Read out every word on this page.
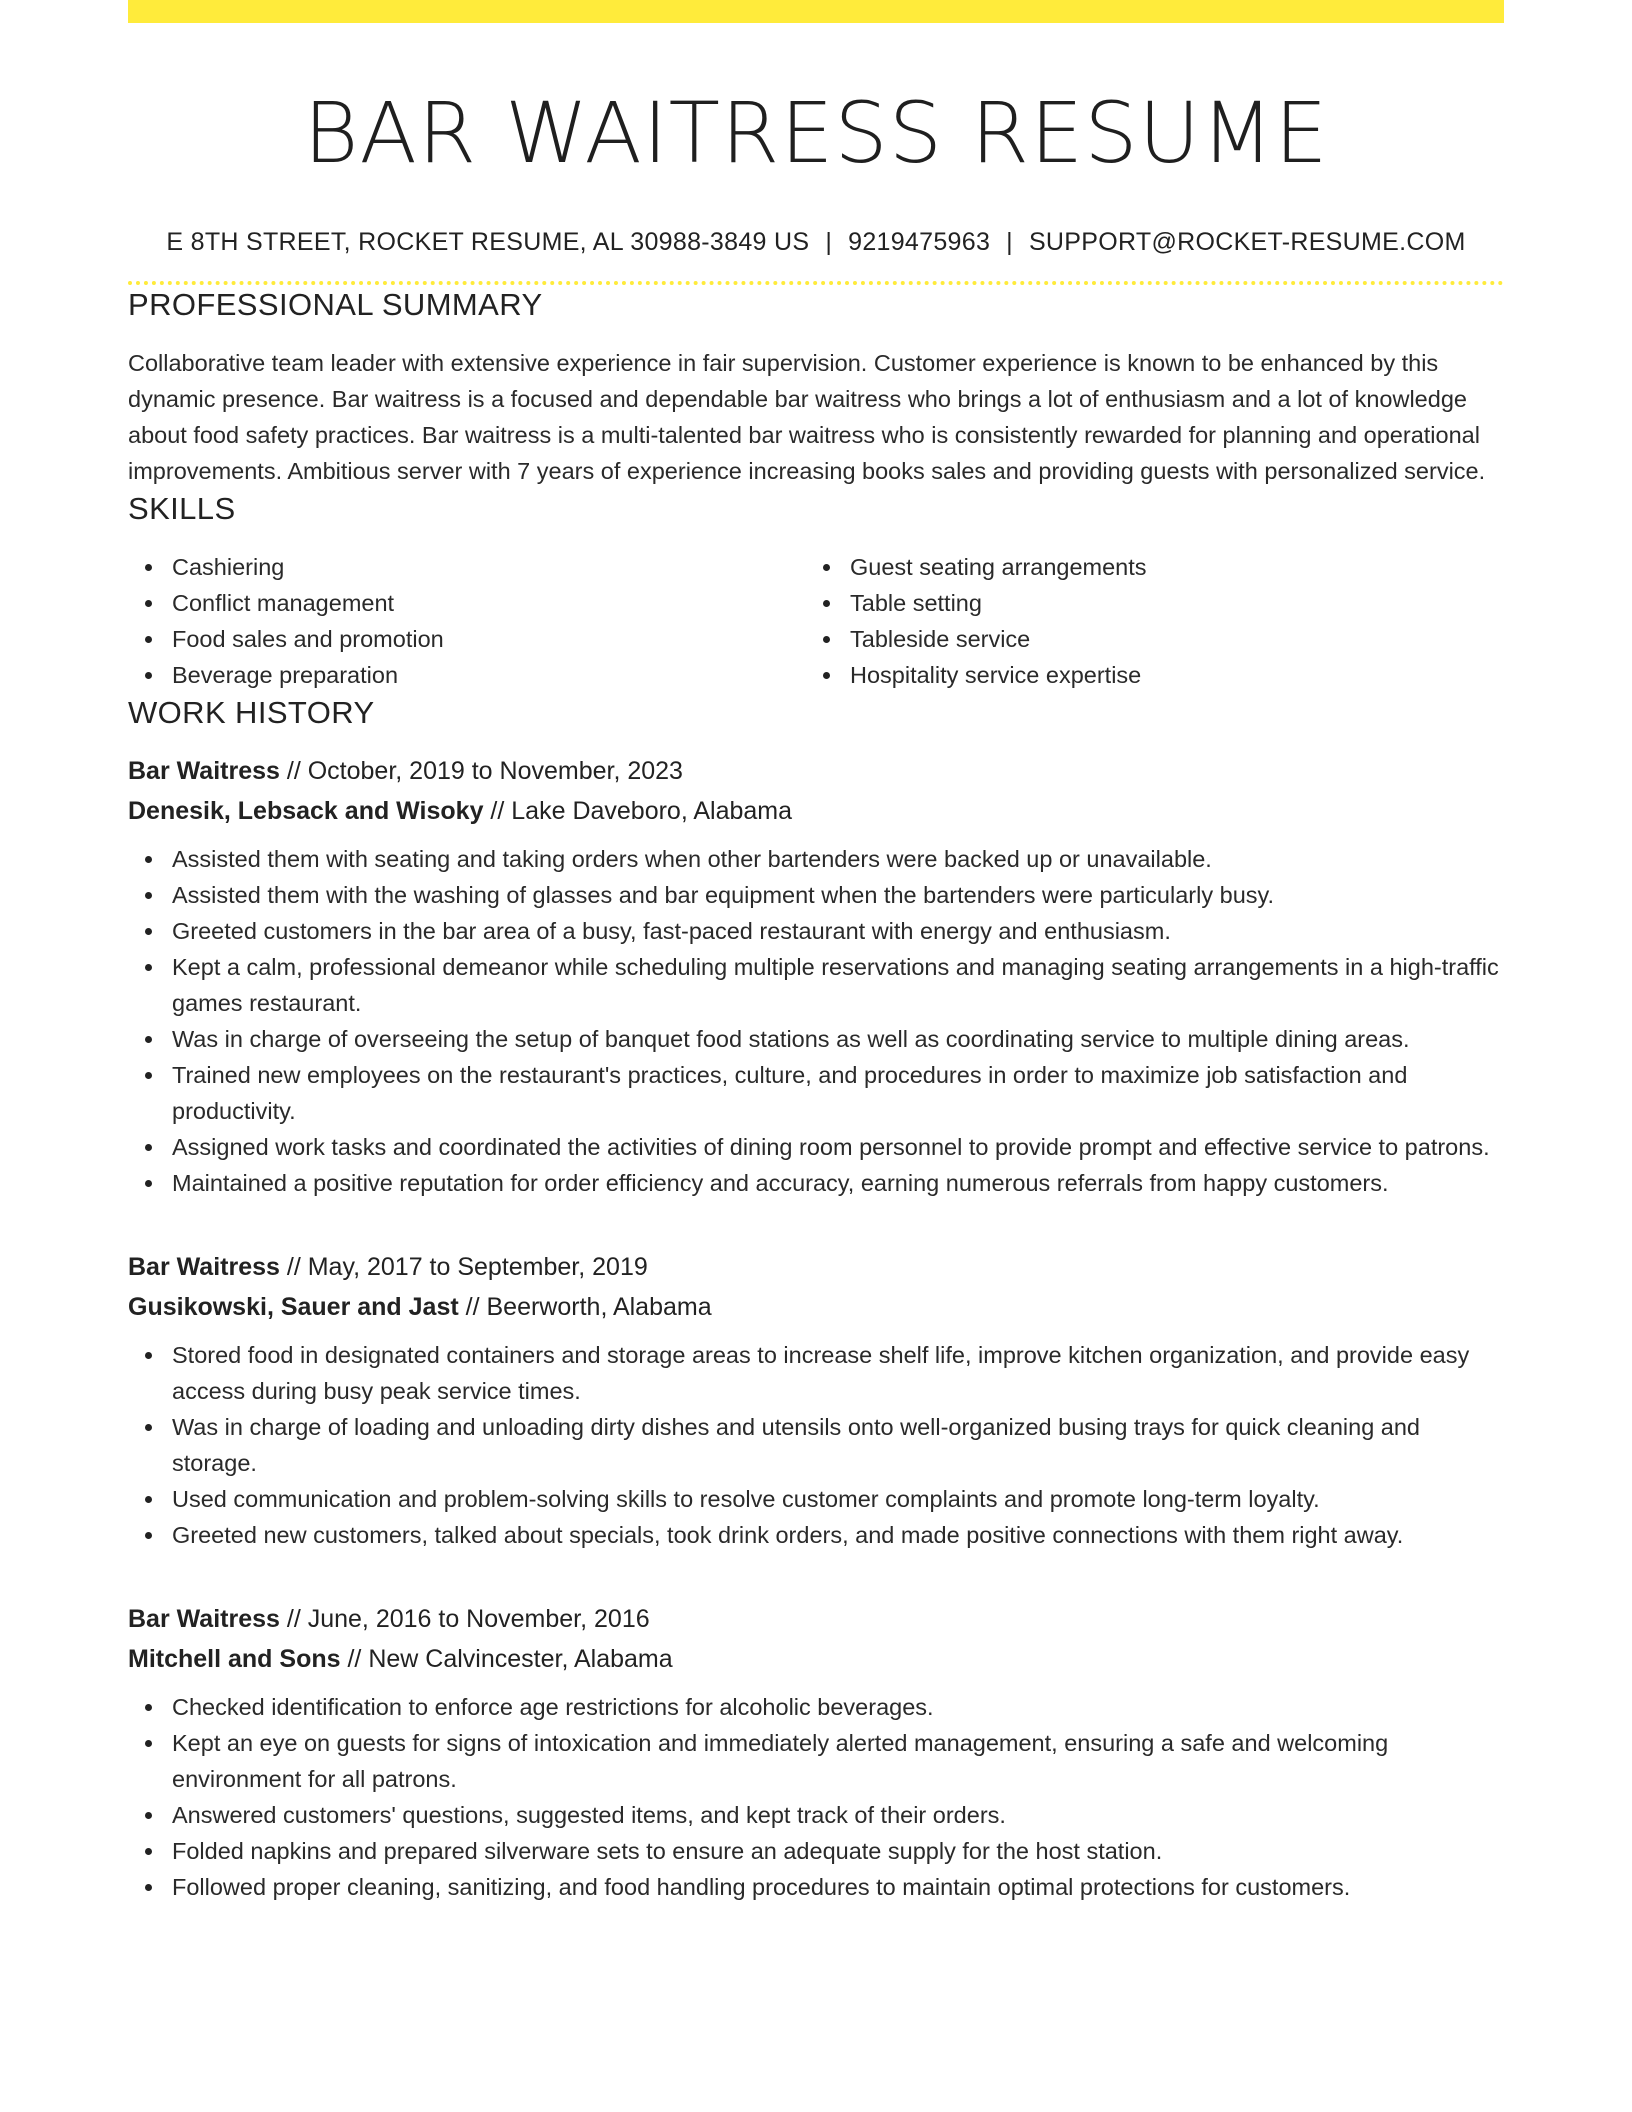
BAR WAITRESS RESUME
E 8TH STREET, ROCKET RESUME, AL 30988-3849 US | 9219475963 | SUPPORT@ROCKET-RESUME.COM
PROFESSIONAL SUMMARY
Collaborative team leader with extensive experience in fair supervision. Customer experience is known to be enhanced by this dynamic presence. Bar waitress is a focused and dependable bar waitress who brings a lot of enthusiasm and a lot of knowledge about food safety practices. Bar waitress is a multi-talented bar waitress who is consistently rewarded for planning and operational improvements. Ambitious server with 7 years of experience increasing books sales and providing guests with personalized service.
SKILLS
Cashiering
Conflict management
Food sales and promotion
Beverage preparation
Guest seating arrangements
Table setting
Tableside service
Hospitality service expertise
WORK HISTORY
Bar Waitress // October, 2019 to November, 2023
Denesik, Lebsack and Wisoky // Lake Daveboro, Alabama
Assisted them with seating and taking orders when other bartenders were backed up or unavailable.
Assisted them with the washing of glasses and bar equipment when the bartenders were particularly busy.
Greeted customers in the bar area of a busy, fast-paced restaurant with energy and enthusiasm.
Kept a calm, professional demeanor while scheduling multiple reservations and managing seating arrangements in a high-traffic games restaurant.
Was in charge of overseeing the setup of banquet food stations as well as coordinating service to multiple dining areas.
Trained new employees on the restaurant's practices, culture, and procedures in order to maximize job satisfaction and productivity.
Assigned work tasks and coordinated the activities of dining room personnel to provide prompt and effective service to patrons.
Maintained a positive reputation for order efficiency and accuracy, earning numerous referrals from happy customers.
Bar Waitress // May, 2017 to September, 2019
Gusikowski, Sauer and Jast // Beerworth, Alabama
Stored food in designated containers and storage areas to increase shelf life, improve kitchen organization, and provide easy access during busy peak service times.
Was in charge of loading and unloading dirty dishes and utensils onto well-organized busing trays for quick cleaning and storage.
Used communication and problem-solving skills to resolve customer complaints and promote long-term loyalty.
Greeted new customers, talked about specials, took drink orders, and made positive connections with them right away.
Bar Waitress // June, 2016 to November, 2016
Mitchell and Sons // New Calvincester, Alabama
Checked identification to enforce age restrictions for alcoholic beverages.
Kept an eye on guests for signs of intoxication and immediately alerted management, ensuring a safe and welcoming environment for all patrons.
Answered customers' questions, suggested items, and kept track of their orders.
Folded napkins and prepared silverware sets to ensure an adequate supply for the host station.
Followed proper cleaning, sanitizing, and food handling procedures to maintain optimal protections for customers.
